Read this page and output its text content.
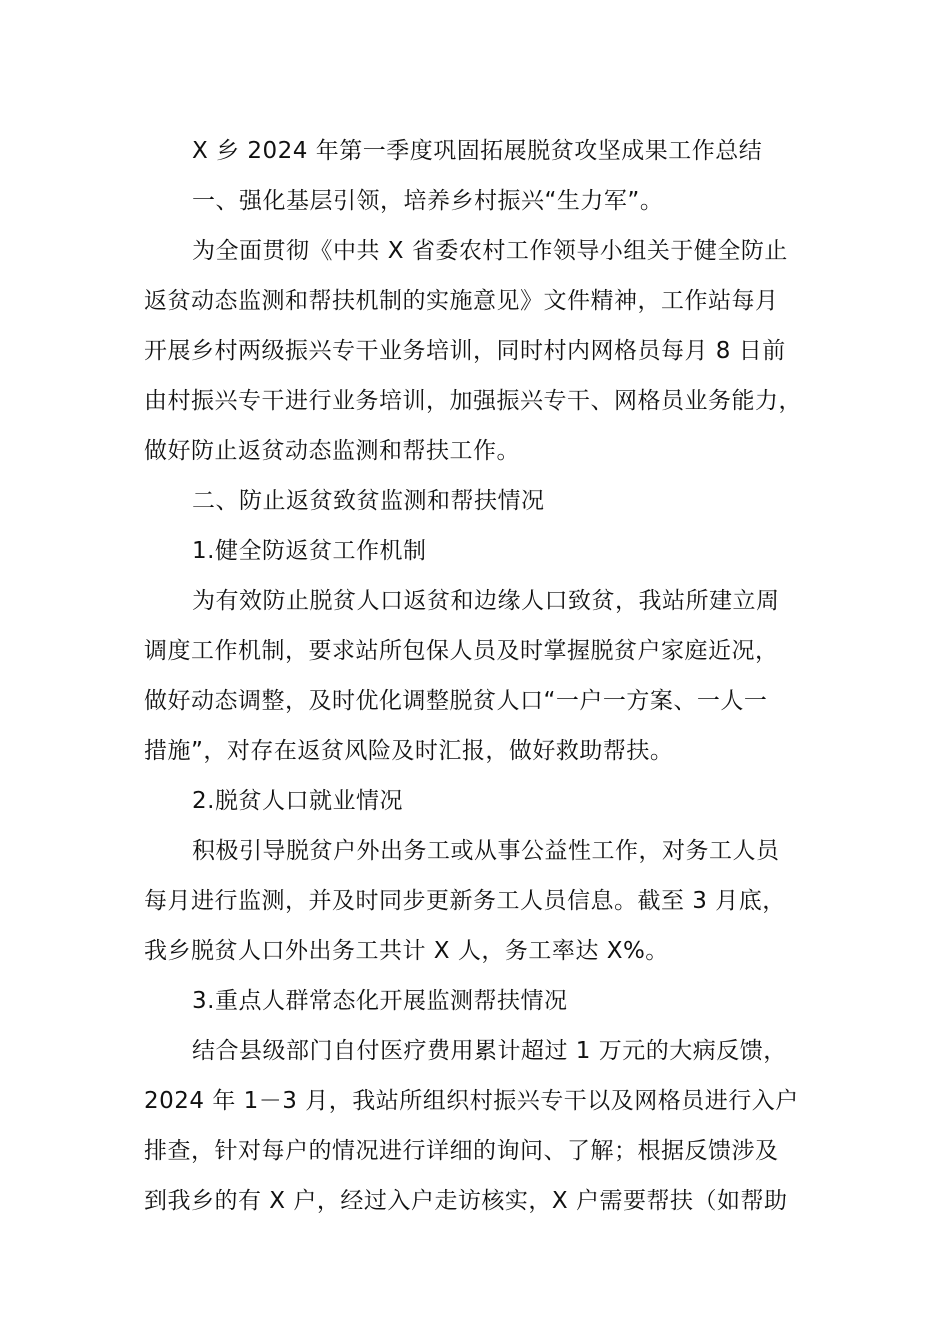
X 乡 2024 年第一季度巩固拓展脱贫攻坚成果工作总结
一、强化基层引领，培养乡村振兴“生力军”。
为全面贯彻《中共 X 省委农村工作领导小组关于健全防止
返贫动态监测和帮扶机制的实施意见》文件精神，工作站每月
开展乡村两级振兴专干业务培训，同时村内网格员每月 8 日前
由村振兴专干进行业务培训，加强振兴专干、网格员业务能力，
做好防止返贫动态监测和帮扶工作。
二、防止返贫致贫监测和帮扶情况
1.健全防返贫工作机制
为有效防止脱贫人口返贫和边缘人口致贫，我站所建立周
调度工作机制，要求站所包保人员及时掌握脱贫户家庭近况，
做好动态调整，及时优化调整脱贫人口“一户一方案、一人一
措施”，对存在返贫风险及时汇报，做好救助帮扶。
2.脱贫人口就业情况
积极引导脱贫户外出务工或从事公益性工作，对务工人员
每月进行监测，并及时同步更新务工人员信息。截至 3 月底，
我乡脱贫人口外出务工共计 X 人，务工率达 X%。
3.重点人群常态化开展监测帮扶情况
结合县级部门自付医疗费用累计超过 1 万元的大病反馈，
2024 年 1－3 月，我站所组织村振兴专干以及网格员进行入户
排查，针对每户的情况进行详细的询问、了解；根据反馈涉及
到我乡的有 X 户，经过入户走访核实，X 户需要帮扶（如帮助
